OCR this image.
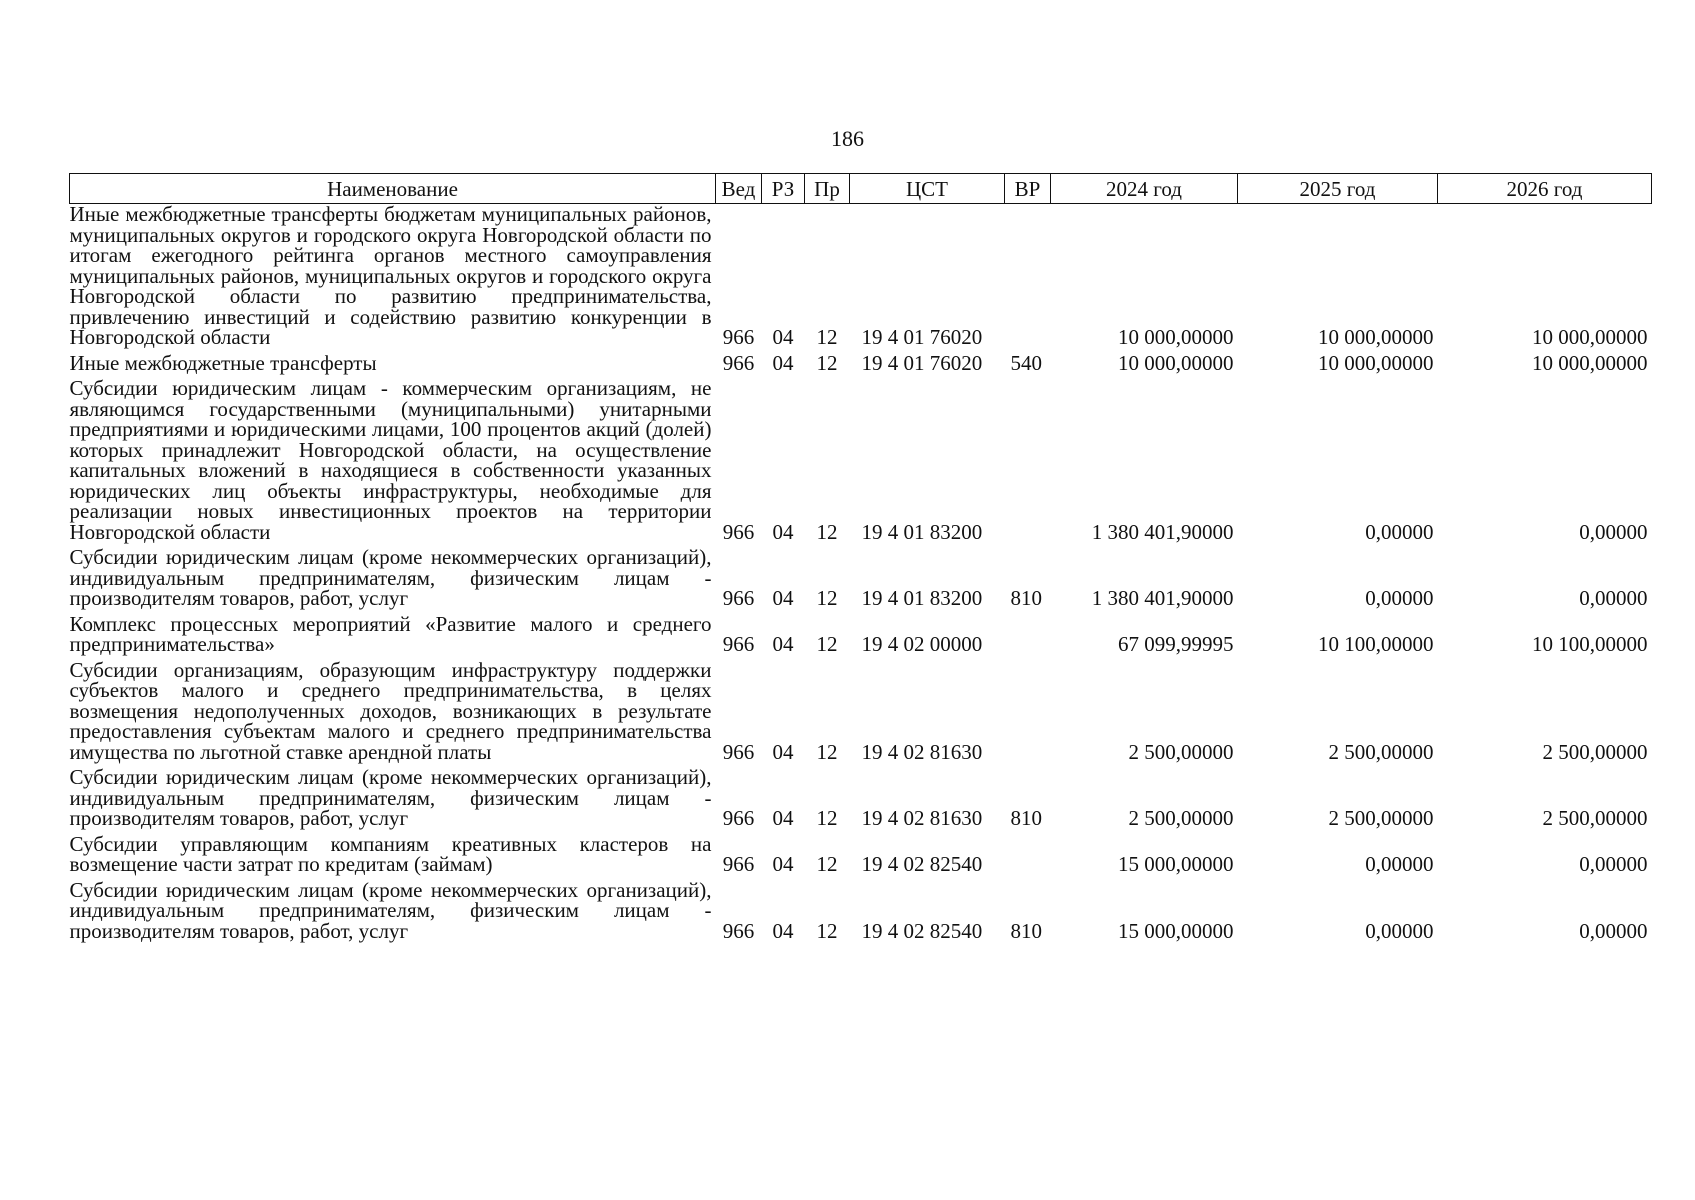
186
Наименование	Вед	РЗ	Пр	ЦСТ	ВР	2024 год	2025 год	2026 год
Иные межбюджетные трансферты бюджетам муниципальных районов, муниципальных округов и городского округа Новгородской области по итогам ежегодного рейтинга органов местного самоуправления муниципальных районов, муниципальных округов и городского округа Новгородской области по развитию предпринимательства, привлечению инвестиций и содействию развитию конкуренции в Новгородской области	966	04	12	19 4 01 76020		10 000,00000	10 000,00000	10 000,00000
Иные межбюджетные трансферты	966	04	12	19 4 01 76020	540	10 000,00000	10 000,00000	10 000,00000
Субсидии юридическим лицам - коммерческим организациям, не являющимся государственными (муниципальными) унитарными предприятиями и юридическими лицами, 100 процентов акций (долей) которых принадлежит Новгородской области, на осуществление капитальных вложений в находящиеся в собственности указанных юридических лиц объекты инфраструктуры, необходимые для реализации новых инвестиционных проектов на территории Новгородской области	966	04	12	19 4 01 83200		1 380 401,90000	0,00000	0,00000
Субсидии юридическим лицам (кроме некоммерческих организаций), индивидуальным предпринимателям, физическим лицам - производителям товаров, работ, услуг	966	04	12	19 4 01 83200	810	1 380 401,90000	0,00000	0,00000
Комплекс процессных мероприятий «Развитие малого и среднего предпринимательства»	966	04	12	19 4 02 00000		67 099,99995	10 100,00000	10 100,00000
Субсидии организациям, образующим инфраструктуру поддержки субъектов малого и среднего предпринимательства, в целях возмещения недополученных доходов, возникающих в результате предоставления субъектам малого и среднего предпринимательства имущества по льготной ставке арендной платы	966	04	12	19 4 02 81630		2 500,00000	2 500,00000	2 500,00000
Субсидии юридическим лицам (кроме некоммерческих организаций), индивидуальным предпринимателям, физическим лицам - производителям товаров, работ, услуг	966	04	12	19 4 02 81630	810	2 500,00000	2 500,00000	2 500,00000
Субсидии управляющим компаниям креативных кластеров на возмещение части затрат по кредитам (займам)	966	04	12	19 4 02 82540		15 000,00000	0,00000	0,00000
Субсидии юридическим лицам (кроме некоммерческих организаций), индивидуальным предпринимателям, физическим лицам - производителям товаров, работ, услуг	966	04	12	19 4 02 82540	810	15 000,00000	0,00000	0,00000
